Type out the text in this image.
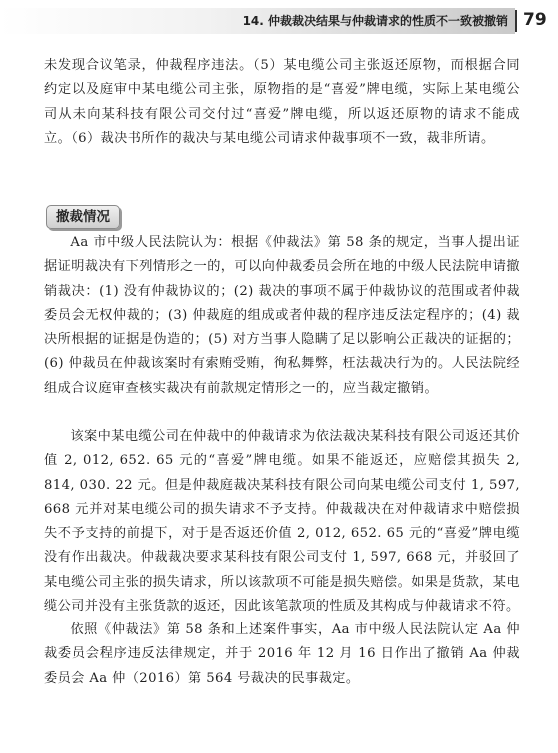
14. 仲裁裁决结果与仲裁请求的性质不一致被撤销 79

未发现合议笔录，仲裁程序违法。（5）某电缆公司主张返还原物，而根据合同约定以及庭审中某电缆公司主张，原物指的是“喜爱”牌电缆，实际上某电缆公司从未向某科技有限公司交付过“喜爱”牌电缆，所以返还原物的请求不能成立。（6）裁决书所作的裁决与某电缆公司请求仲裁事项不一致，裁非所请。

撤裁情况

Aa 市中级人民法院认为：根据《仲裁法》第 58 条的规定，当事人提出证据证明裁决有下列情形之一的，可以向仲裁委员会所在地的中级人民法院申请撤销裁决：(1) 没有仲裁协议的；(2) 裁决的事项不属于仲裁协议的范围或者仲裁委员会无权仲裁的；(3) 仲裁庭的组成或者仲裁的程序违反法定程序的；(4) 裁决所根据的证据是伪造的；(5) 对方当事人隐瞒了足以影响公正裁决的证据的；(6) 仲裁员在仲裁该案时有索贿受贿，徇私舞弊，枉法裁决行为的。人民法院经组成合议庭审查核实裁决有前款规定情形之一的，应当裁定撤销。

该案中某电缆公司在仲裁中的仲裁请求为依法裁决某科技有限公司返还其价值 2, 012, 652. 65 元的“喜爱”牌电缆。如果不能返还，应赔偿其损失 2, 814, 030. 22 元。但是仲裁庭裁决某科技有限公司向某电缆公司支付 1, 597, 668 元并对某电缆公司的损失请求不予支持。仲裁裁决在对仲裁请求中赔偿损失不予支持的前提下，对于是否返还价值 2, 012, 652. 65 元的“喜爱”牌电缆没有作出裁决。仲裁裁决要求某科技有限公司支付 1, 597, 668 元，并驳回了某电缆公司主张的损失请求，所以该款项不可能是损失赔偿。如果是货款，某电缆公司并没有主张货款的返还，因此该笔款项的性质及其构成与仲裁请求不符。

依照《仲裁法》第 58 条和上述案件事实，Aa 市中级人民法院认定 Aa 仲裁委员会程序违反法律规定，并于 2016 年 12 月 16 日作出了撤销 Aa 仲裁委员会 Aa 仲（2016）第 564 号裁决的民事裁定。
